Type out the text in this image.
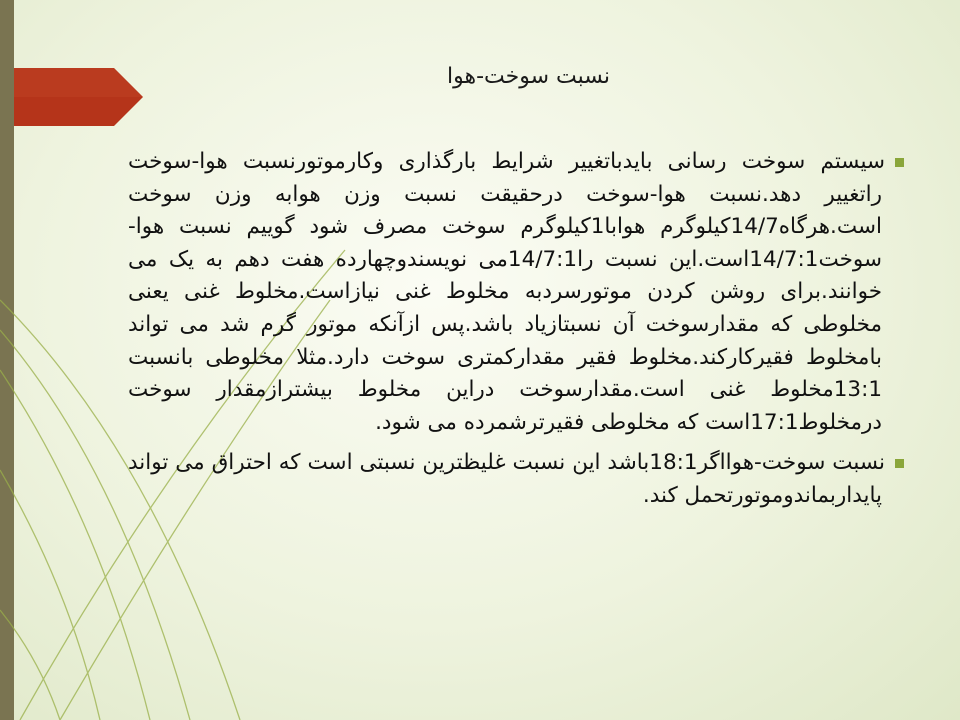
نسبت سوخت-هوا

سیستم سوخت رسانی بایدباتغییر شرایط بارگذاری وکارموتورنسبت هوا-سوخت راتغییر دهد.نسبت هوا-سوخت درحقیقت نسبت وزن هوابه وزن سوخت است.هرگاه14/7کیلوگرم هوابا1کیلوگرم سوخت مصرف شود گوییم نسبت هوا-سوخت14/7:1است.این نسبت را14/7:1می نویسندوچهارده هفت دهم به یک می خوانند.برای روشن کردن موتورسردبه مخلوط غنی نیازاست.مخلوط غنی یعنی مخلوطی که مقدارسوخت آن نسبتازیاد باشد.پس ازآنکه موتور گرم شد می تواند بامخلوط فقیرکارکند.مخلوط فقیر مقدارکمتری سوخت دارد.مثلا مخلوطی بانسبت 13:1مخلوط غنی است.مقدارسوخت دراین مخلوط بیشترازمقدار سوخت درمخلوط17:1است که مخلوطی فقیرترشمرده می شود.

نسبت سوخت-هوااگر18:1باشد این نسبت غلیظترین نسبتی است که احتراق می تواند پایداربماندوموتورتحمل کند.
